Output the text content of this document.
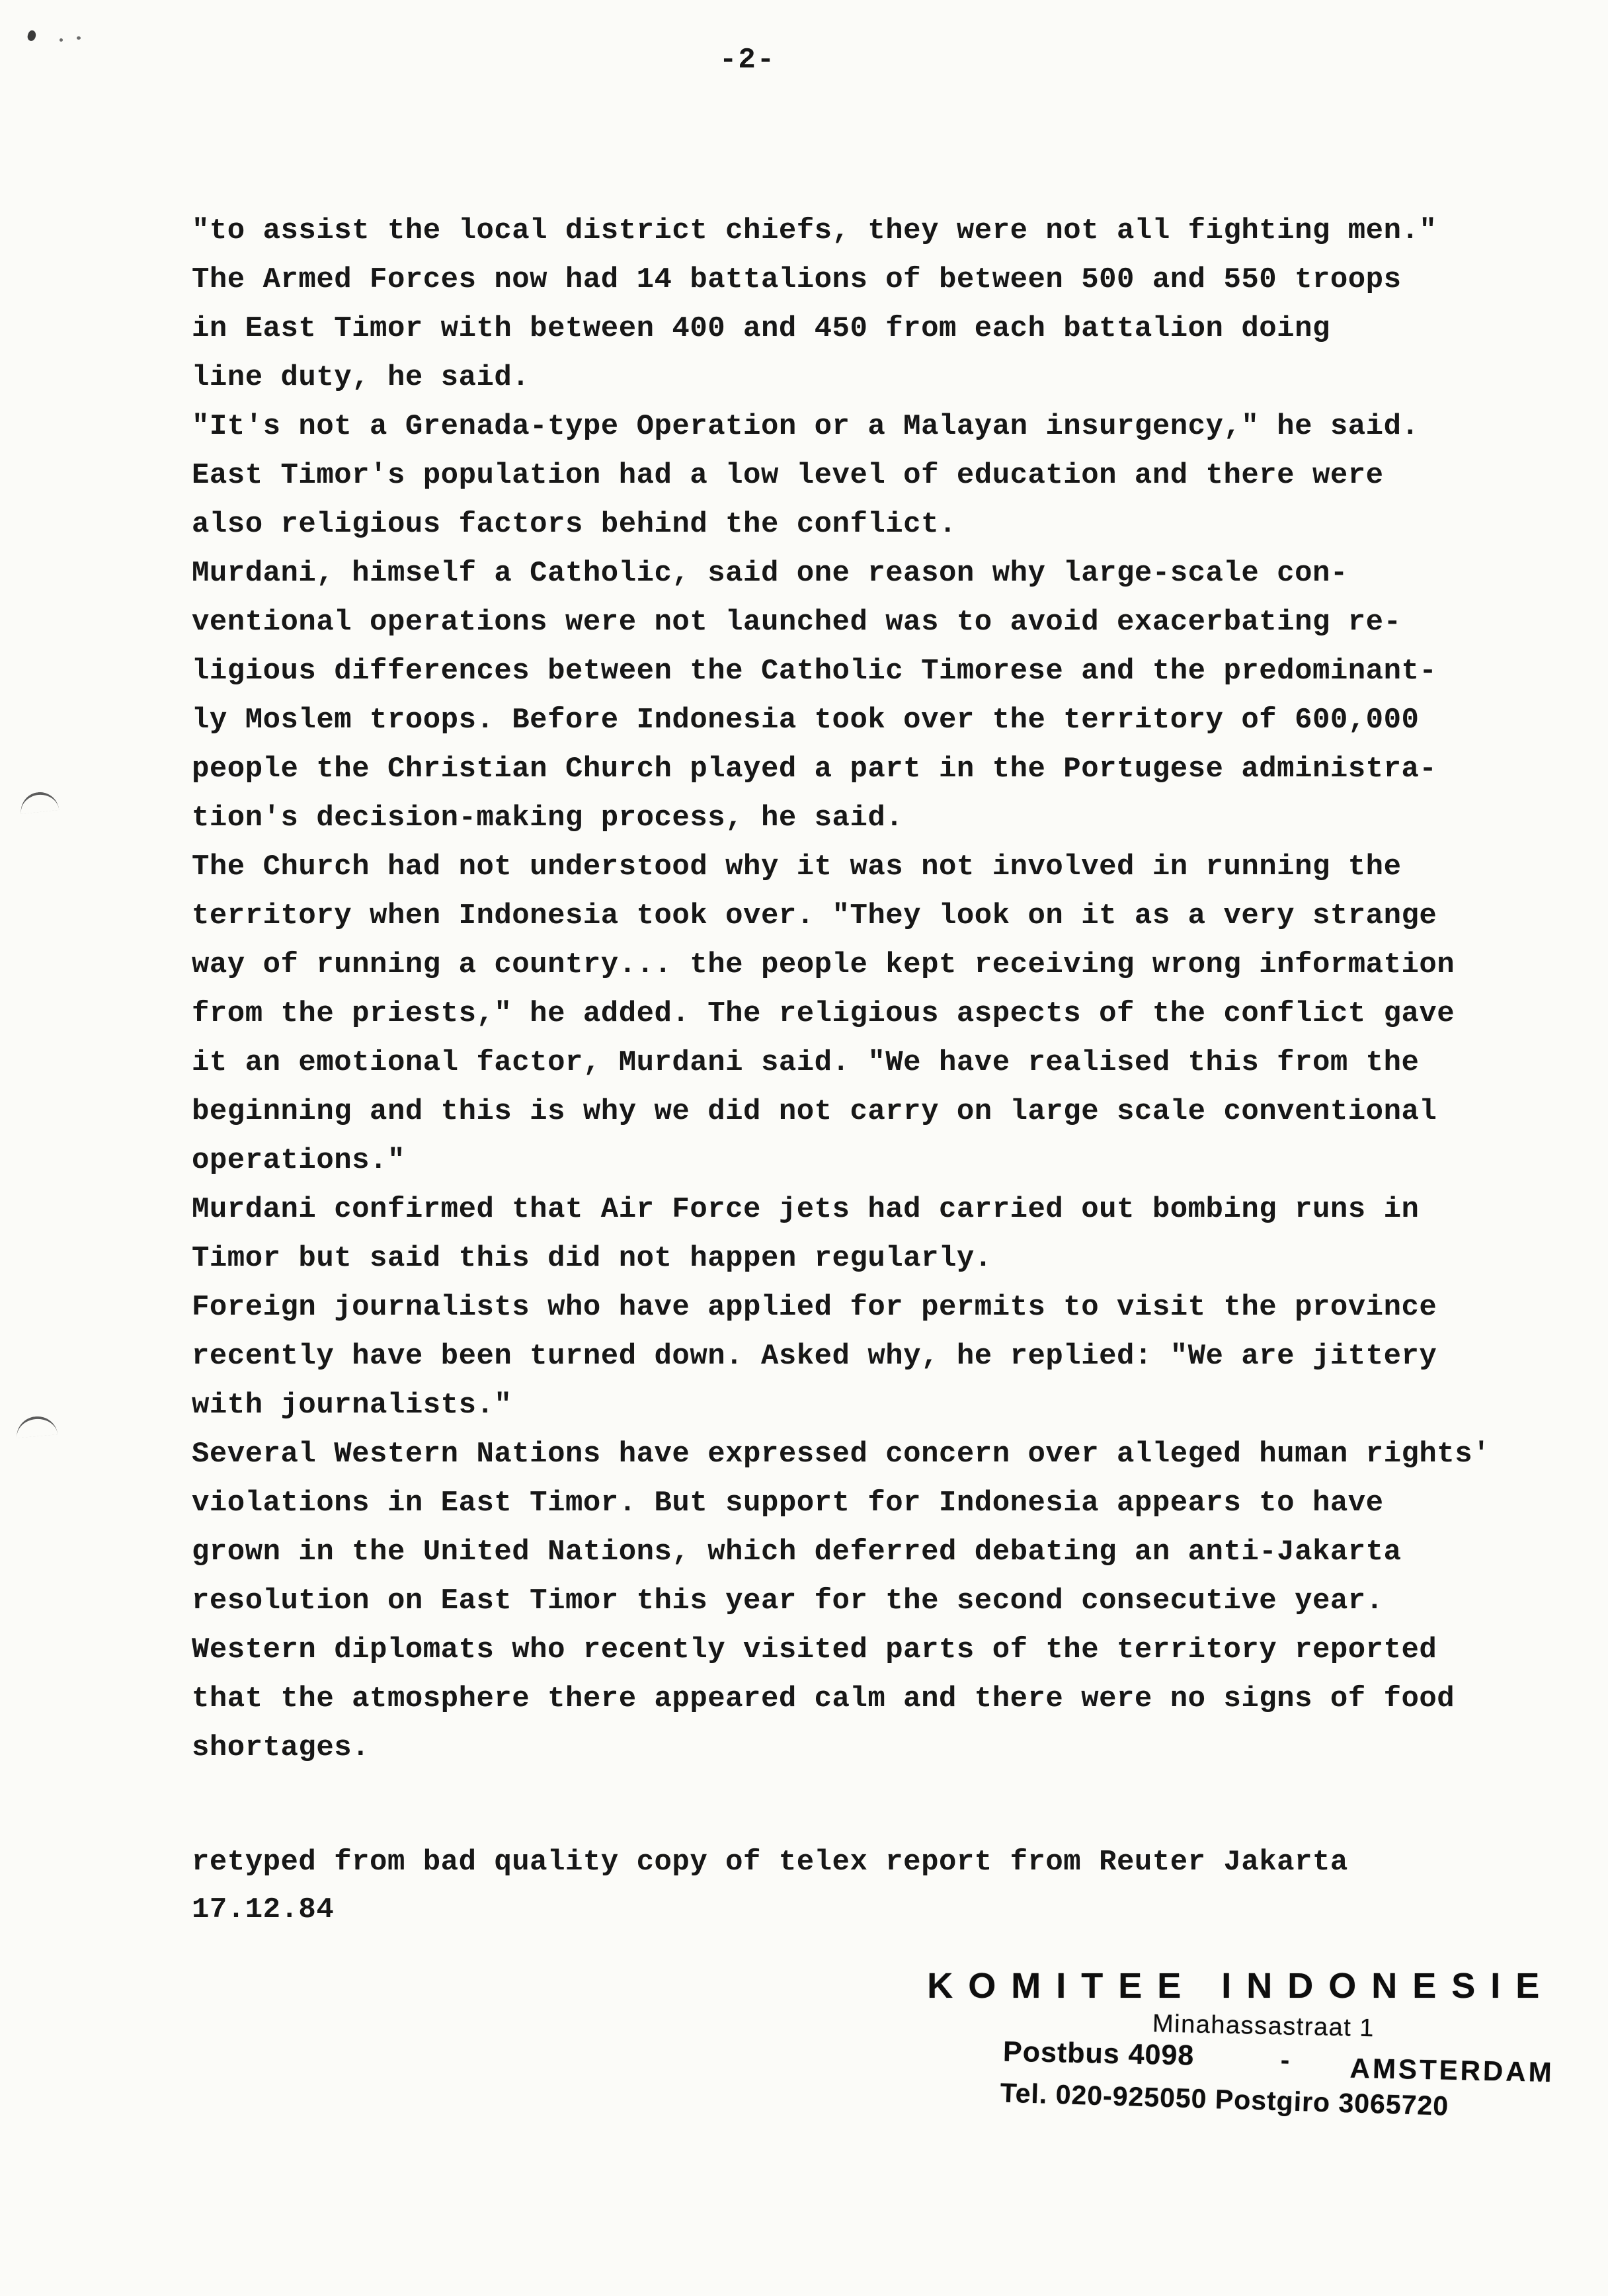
-2-
"to assist the local district chiefs, they were not all fighting men."
The Armed Forces now had 14 battalions of between 500 and 550 troops
in East Timor with between 400 and 450 from each battalion doing
line duty, he said.
"It's not a Grenada-type Operation or a Malayan insurgency," he said.
East Timor's population had a low level of education and there were
also religious factors behind the conflict.
Murdani, himself a Catholic, said one reason why large-scale con-
ventional operations were not launched was to avoid exacerbating re-
ligious differences between the Catholic Timorese and the predominant-
ly Moslem troops. Before Indonesia took over the territory of 600,000
people the Christian Church played a part in the Portugese administra-
tion's decision-making process, he said.
The Church had not understood why it was not involved in running the
territory when Indonesia took over. "They look on it as a very strange
way of running a country... the people kept receiving wrong information
from the priests," he added. The religious aspects of the conflict gave
it an emotional factor, Murdani said. "We have realised this from the
beginning and this is why we did not carry on large scale conventional
operations."
Murdani confirmed that Air Force jets had carried out bombing runs in
Timor but said this did not happen regularly.
Foreign journalists who have applied for permits to visit the province
recently have been turned down. Asked why, he replied: "We are jittery
with journalists."
Several Western Nations have expressed concern over alleged human rights'
violations in East Timor. But support for Indonesia appears to have
grown in the United Nations, which deferred debating an anti-Jakarta
resolution on East Timor this year for the second consecutive year.
Western diplomats who recently visited parts of the territory reported
that the atmosphere there appeared calm and there were no signs of food
shortages.
retyped from bad quality copy of telex report from Reuter Jakarta
17.12.84
KOMITEE INDONESIE
Minahassastraat 1
Postbus 4098	- AMSTERDAM
Tel. 020-925050 Postgiro 3065720
